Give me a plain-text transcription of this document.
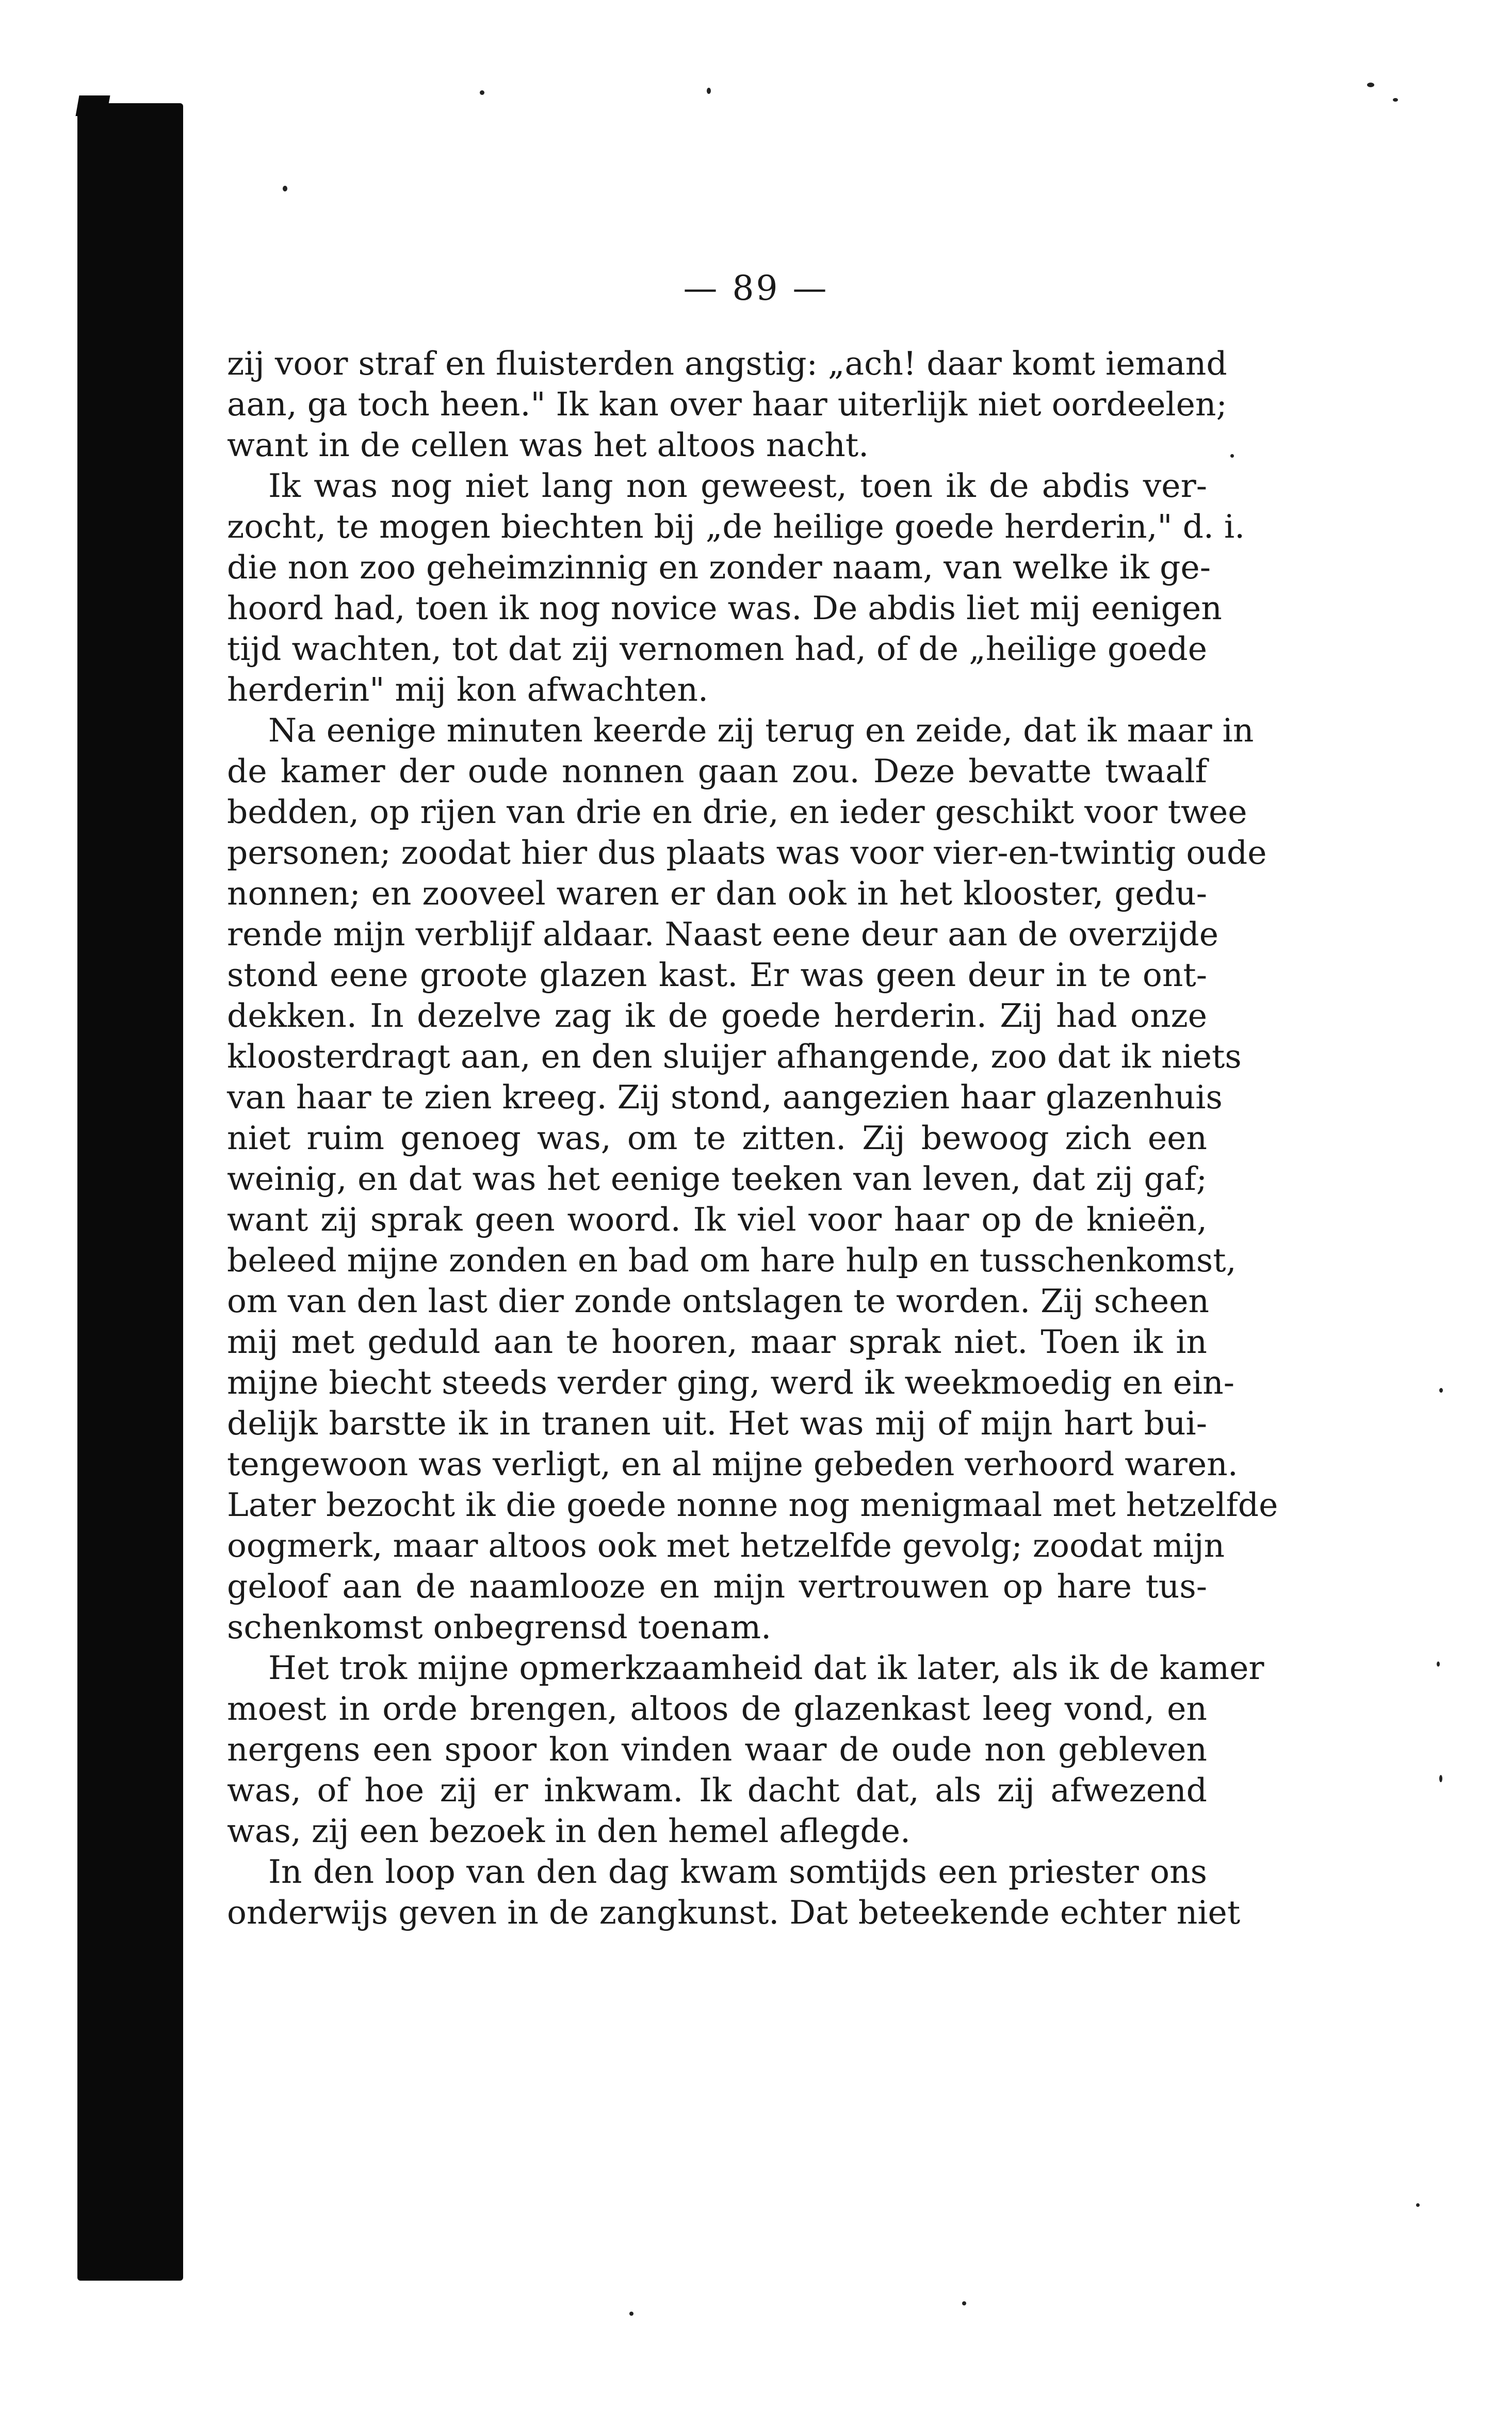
— 89 —

zij voor straf en fluisterden angstig: „ach! daar komt iemand
aan, ga toch heen." Ik kan over haar uiterlijk niet oordeelen;
want in de cellen was het altoos nacht.

Ik was nog niet lang non geweest, toen ik de abdis ver-
zocht, te mogen biechten bij „de heilige goede herderin," d. i.
die non zoo geheimzinnig en zonder naam, van welke ik ge-
hoord had, toen ik nog novice was. De abdis liet mij eenigen
tijd wachten, tot dat zij vernomen had, of de „heilige goede
herderin" mij kon afwachten.

Na eenige minuten keerde zij terug en zeide, dat ik maar in
de kamer der oude nonnen gaan zou. Deze bevatte twaalf
bedden, op rijen van drie en drie, en ieder geschikt voor twee
personen; zoodat hier dus plaats was voor vier-en-twintig oude
nonnen; en zooveel waren er dan ook in het klooster, gedu-
rende mijn verblijf aldaar. Naast eene deur aan de overzijde
stond eene groote glazen kast. Er was geen deur in te ont-
dekken. In dezelve zag ik de goede herderin. Zij had onze
kloosterdragt aan, en den sluijer afhangende, zoo dat ik niets
van haar te zien kreeg. Zij stond, aangezien haar glazenhuis
niet ruim genoeg was, om te zitten. Zij bewoog zich een
weinig, en dat was het eenige teeken van leven, dat zij gaf;
want zij sprak geen woord. Ik viel voor haar op de knieën,
beleed mijne zonden en bad om hare hulp en tusschenkomst,
om van den last dier zonde ontslagen te worden. Zij scheen
mij met geduld aan te hooren, maar sprak niet. Toen ik in
mijne biecht steeds verder ging, werd ik weekmoedig en ein-
delijk barstte ik in tranen uit. Het was mij of mijn hart bui-
tengewoon was verligt, en al mijne gebeden verhoord waren.
Later bezocht ik die goede nonne nog menigmaal met hetzelfde
oogmerk, maar altoos ook met hetzelfde gevolg; zoodat mijn
geloof aan de naamlooze en mijn vertrouwen op hare tus-
schenkomst onbegrensd toenam.

Het trok mijne opmerkzaamheid dat ik later, als ik de kamer
moest in orde brengen, altoos de glazenkast leeg vond, en
nergens een spoor kon vinden waar de oude non gebleven
was, of hoe zij er inkwam. Ik dacht dat, als zij afwezend
was, zij een bezoek in den hemel aflegde.

In den loop van den dag kwam somtijds een priester ons
onderwijs geven in de zangkunst. Dat beteekende echter niet
